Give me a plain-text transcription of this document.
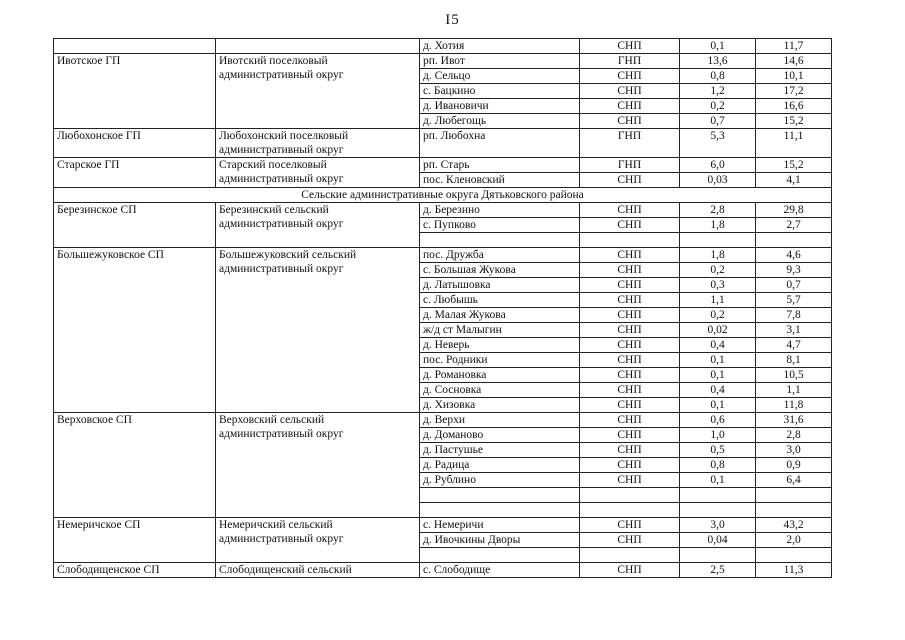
I5
		д. Хотия	СНП	0,1	11,7
Ивотское ГП	Ивотский поселковый административный округ	рп. Ивот	ГНП	13,6	14,6
		д. Сельцо	СНП	0,8	10,1
		с. Бацкино	СНП	1,2	17,2
		д. Ивановичи	СНП	0,2	16,6
		д. Любегощь	СНП	0,7	15,2
Любохонское ГП	Любохонский поселковый административный округ	рп. Любохна	ГНП	5,3	11,1
Старское ГП	Старский поселковый административный округ	рп. Старь	ГНП	6,0	15,2
		пос. Кленовский	СНП	0,03	4,1
Сельские административные округа Дятьковского района					
Березинское СП	Березинский сельский административный округ	д. Березино	СНП	2,8	29,8
		с. Пупково	СНП	1,8	2,7

Большежуковское СП	Большежуковский сельский административный округ	пос. Дружба	СНП	1,8	4,6
		с. Большая Жукова	СНП	0,2	9,3
		д. Латышовка	СНП	0,3	0,7
		с. Любышь	СНП	1,1	5,7
		д. Малая Жукова	СНП	0,2	7,8
		ж/д ст Малыгин	СНП	0,02	3,1
		д. Неверь	СНП	0,4	4,7
		пос. Родники	СНП	0,1	8,1
		д. Романовка	СНП	0,1	10,5
		д. Сосновка	СНП	0,4	1,1
		д. Хизовка	СНП	0,1	11,8
Верховское СП	Верховский сельский административный округ	д. Верхи	СНП	0,6	31,6
		д. Доманово	СНП	1,0	2,8
		д. Пастушье	СНП	0,5	3,0
		д. Радица	СНП	0,8	0,9
		д. Рублино	СНП	0,1	6,4

Немеричское СП	Немеричский сельский административный округ	с. Немеричи	СНП	3,0	43,2
		д. Ивочкины Дворы	СНП	0,04	2,0

Слободищенское СП	Слободищенский сельский	с. Слободище	СНП	2,5	11,3
